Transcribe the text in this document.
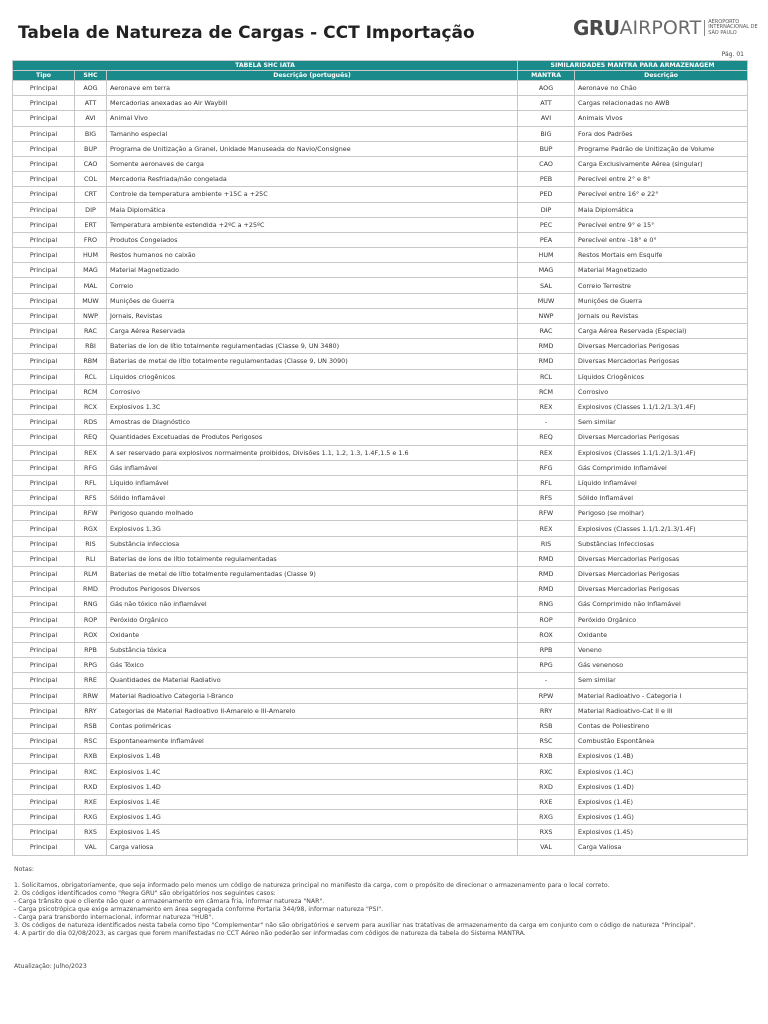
Tabela de Natureza de Cargas - CCT Importação	GRU AIRPORT	AEROPORTO INTERNACIONAL DE SÃO PAULO
Pág. 01
TABELA SHC IATA			SIMILARIDADES MANTRA PARA ARMAZENAGEM	
Tipo	SHC	Descrição (português)	MANTRA	Descrição
Principal	AOG	Aeronave em terra	AOG	Aeronave no Chão
Principal	ATT	Mercadorias anexadas ao Air Waybill	ATT	Cargas relacionadas no AWB
Principal	AVI	Animal Vivo	AVI	Animais Vivos
Principal	BIG	Tamanho especial	BIG	Fora dos Padrões
Principal	BUP	Programa de Unitização a Granel, Unidade Manuseada do Navio/Consignee	BUP	Programe Padrão de Unitização de Volume
Principal	CAO	Somente aeronaves de carga	CAO	Carga Exclusivamente Aérea (singular)
Principal	COL	Mercadoria Resfriada/não congelada	PEB	Perecível entre 2° e 8°
Principal	CRT	Controle da temperatura ambiente +15C a +25C	PED	Perecível entre 16° e 22°
Principal	DIP	Mala Diplomática	DIP	Mala Diplomática
Principal	ERT	Temperatura ambiente estendida +2ºC a +25ºC	PEC	Perecível entre 9° e 15°
Principal	FRO	Produtos Congelados	PEA	Perecível entre -18° e 0°
Principal	HUM	Restos humanos no caixão	HUM	Restos Mortais em Esquife
Principal	MAG	Material Magnetizado	MAG	Material Magnetizado
Principal	MAL	Correio	SAL	Correio Terrestre
Principal	MUW	Munições de Guerra	MUW	Munições de Guerra
Principal	NWP	Jornais, Revistas	NWP	Jornais ou Revistas
Principal	RAC	Carga Aérea Reservada	RAC	Carga Aérea Reservada (Especial)
Principal	RBI	Baterias de íon de lítio totalmente regulamentadas (Classe 9, UN 3480)	RMD	Diversas Mercadorias Perigosas
Principal	RBM	Baterias de metal de lítio totalmente regulamentadas (Classe 9, UN 3090)	RMD	Diversas Mercadorias Perigosas
Principal	RCL	Líquidos criogênicos	RCL	Líquidos Criogênicos
Principal	RCM	Corrosivo	RCM	Corrosivo
Principal	RCX	Explosivos 1.3C	REX	Explosivos (Classes 1.1/1.2/1.3/1.4F)
Principal	RDS	Amostras de Diagnóstico	-	Sem similar
Principal	REQ	Quantidades Excetuadas de Produtos Perigosos	REQ	Diversas Mercadorias Perigosas
Principal	REX	A ser reservado para explosivos normalmente proibidos, Divisões 1.1, 1.2, 1.3, 1.4F,1.5 e 1.6	REX	Explosivos (Classes 1.1/1.2/1.3/1.4F)
Principal	RFG	Gás inflamável	RFG	Gás Comprimido Inflamável
Principal	RFL	Líquido inflamável	RFL	Líquido Inflamável
Principal	RFS	Sólido Inflamável	RFS	Sólido Inflamável
Principal	RFW	Perigoso quando molhado	RFW	Perigoso (se molhar)
Principal	RGX	Explosivos 1.3G	REX	Explosivos (Classes 1.1/1.2/1.3/1.4F)
Principal	RIS	Substância infecciosa	RIS	Substâncias Infecciosas
Principal	RLI	Baterias de íons de lítio totalmente regulamentadas	RMD	Diversas Mercadorias Perigosas
Principal	RLM	Baterias de metal de lítio totalmente regulamentadas (Classe 9)	RMD	Diversas Mercadorias Perigosas
Principal	RMD	Produtos Perigosos Diversos	RMD	Diversas Mercadorias Perigosas
Principal	RNG	Gás não tóxico não inflamável	RNG	Gás Comprimido não Inflamável
Principal	ROP	Peróxido Orgânico	ROP	Peróxido Orgânico
Principal	ROX	Oxidante	ROX	Oxidante
Principal	RPB	Substância tóxica	RPB	Veneno
Principal	RPG	Gás Tóxico	RPG	Gás venenoso
Principal	RRE	Quantidades de Material Radiativo	-	Sem similar
Principal	RRW	Material Radioativo Categoria I-Branco	RPW	Material Radioativo - Categoria I
Principal	RRY	Categorias de Material Radioativo II-Amarelo e III-Amarelo	RRY	Material Radioativo-Cat II e III
Principal	RSB	Contas poliméricas	RSB	Contas de Poliestireno
Principal	RSC	Espontaneamente inflamável	RSC	Combustão Espontânea
Principal	RXB	Explosivos 1.4B	RXB	Explosivos (1.4B)
Principal	RXC	Explosivos 1.4C	RXC	Explosivos (1.4C)
Principal	RXD	Explosivos 1.4D	RXD	Explosivos (1.4D)
Principal	RXE	Explosivos 1.4E	RXE	Explosivos (1.4E)
Principal	RXG	Explosivos 1.4G	RXG	Explosivos (1.4G)
Principal	RXS	Explosivos 1.4S	RXS	Explosivos (1.4S)
Principal	VAL	Carga valiosa	VAL	Carga Valiosa

Notas:

1. Solicitamos, obrigatoriamente, que seja informado pelo menos um código de natureza principal no manifesto da carga, com o propósito de direcionar o armazenamento para o local correto.

2. Os códigos identificados como "Regra GRU" são obrigatórios nos seguintes casos:

- Carga trânsito que o cliente não quer o armazenamento em câmara fria, informar natureza "NAR".

- Carga psicotrópica que exige armazenamento em área segregada conforme Portaria 344/98, informar natureza "PSI".

- Carga para transbordo internacional, informar natureza "HUB".

3. Os códigos de natureza identificados nesta tabela como tipo "Complementar" não são obrigatórios e servem para auxiliar nas tratativas de armazenamento da carga em conjunto com o código de natureza "Principal".

4. A partir do dia 02/08/2023, as cargas que forem manifestadas no CCT Aéreo não poderão ser informadas com códigos de natureza da tabela do Sistema MANTRA.

Atualização: Julho/2023
